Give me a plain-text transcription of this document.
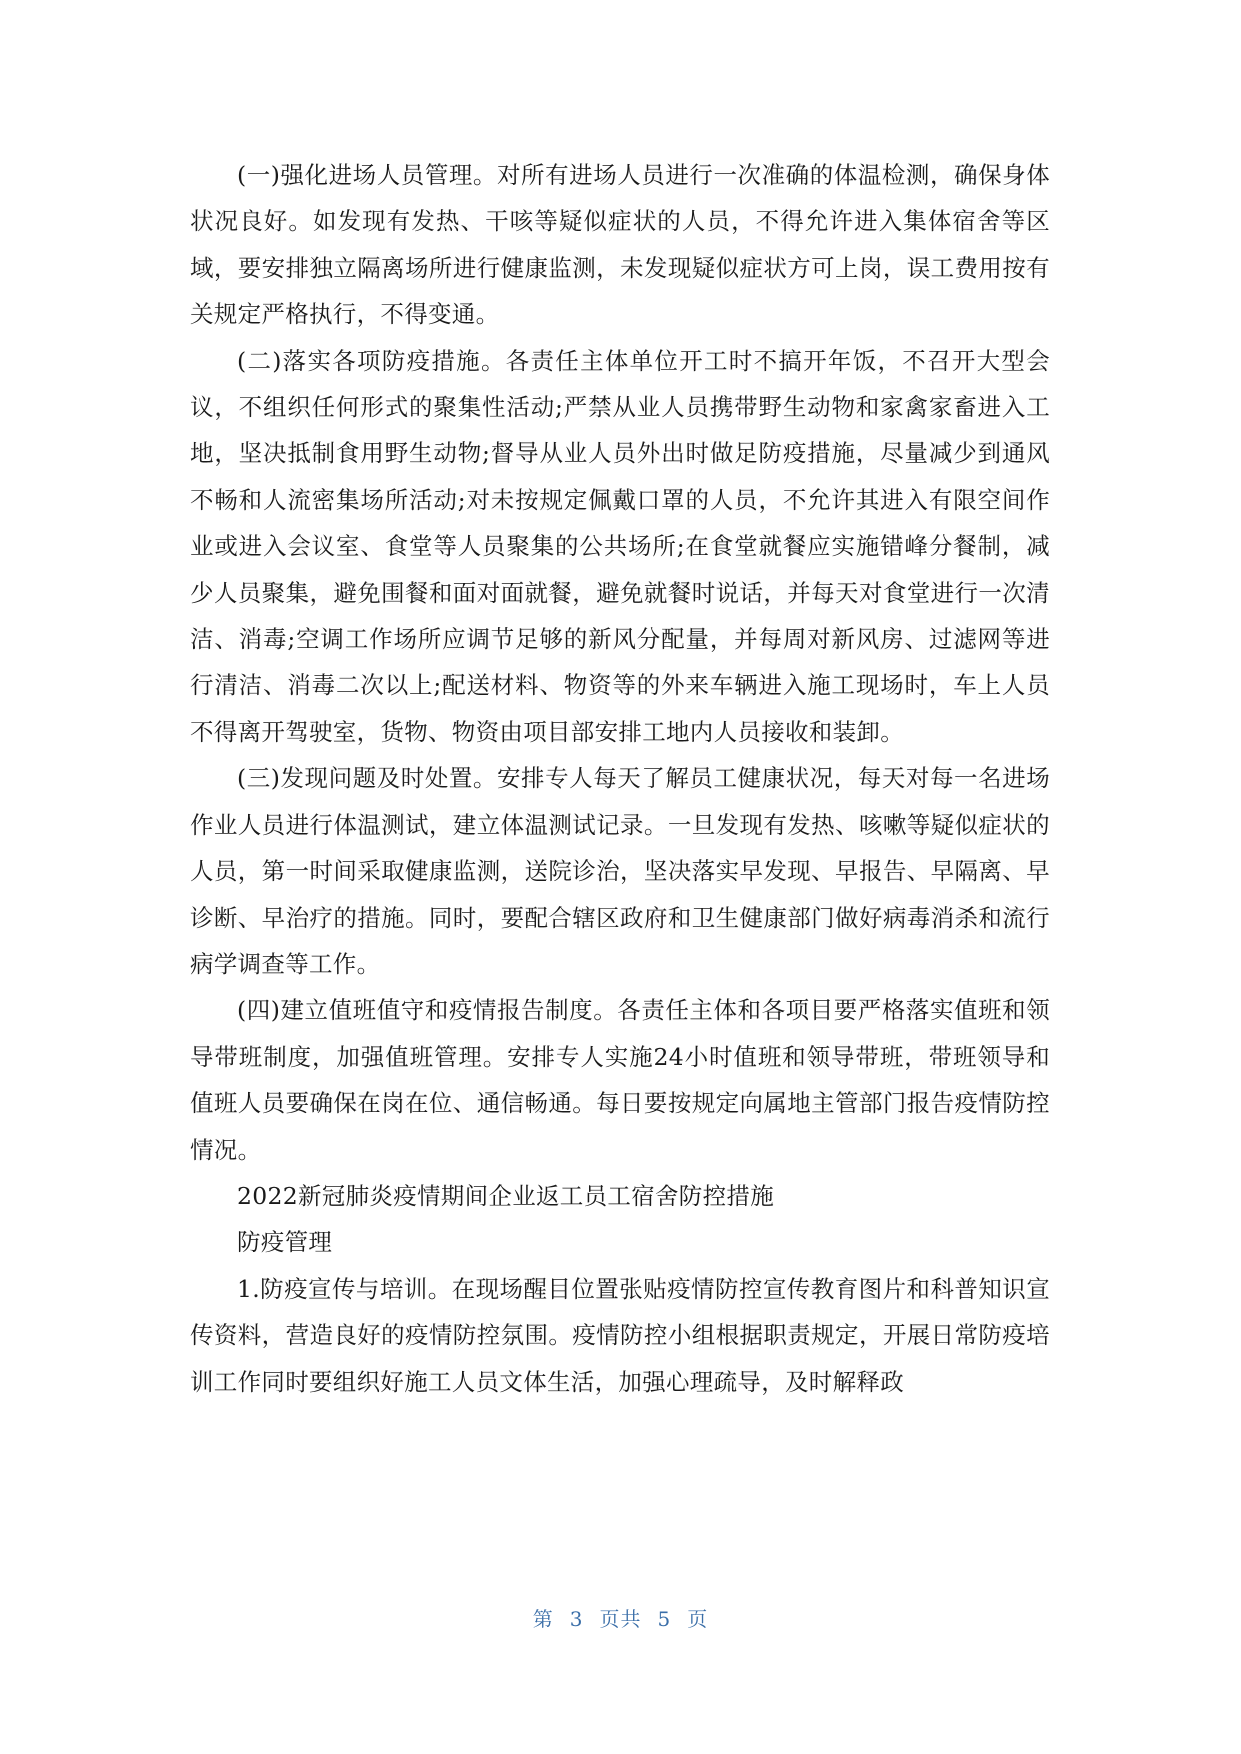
(一)强化进场人员管理。对所有进场人员进行一次准确的体温检测，确保身体状况良好。如发现有发热、干咳等疑似症状的人员，不得允许进入集体宿舍等区域，要安排独立隔离场所进行健康监测，未发现疑似症状方可上岗，误工费用按有关规定严格执行，不得变通。

(二)落实各项防疫措施。各责任主体单位开工时不搞开年饭，不召开大型会议，不组织任何形式的聚集性活动;严禁从业人员携带野生动物和家禽家畜进入工地，坚决抵制食用野生动物;督导从业人员外出时做足防疫措施，尽量减少到通风不畅和人流密集场所活动;对未按规定佩戴口罩的人员，不允许其进入有限空间作业或进入会议室、食堂等人员聚集的公共场所;在食堂就餐应实施错峰分餐制，减少人员聚集，避免围餐和面对面就餐，避免就餐时说话，并每天对食堂进行一次清洁、消毒;空调工作场所应调节足够的新风分配量，并每周对新风房、过滤网等进行清洁、消毒二次以上;配送材料、物资等的外来车辆进入施工现场时，车上人员不得离开驾驶室，货物、物资由项目部安排工地内人员接收和装卸。

(三)发现问题及时处置。安排专人每天了解员工健康状况，每天对每一名进场作业人员进行体温测试，建立体温测试记录。一旦发现有发热、咳嗽等疑似症状的人员，第一时间采取健康监测，送院诊治，坚决落实早发现、早报告、早隔离、早诊断、早治疗的措施。同时，要配合辖区政府和卫生健康部门做好病毒消杀和流行病学调查等工作。

(四)建立值班值守和疫情报告制度。各责任主体和各项目要严格落实值班和领导带班制度，加强值班管理。安排专人实施24小时值班和领导带班，带班领导和值班人员要确保在岗在位、通信畅通。每日要按规定向属地主管部门报告疫情防控情况。

2022新冠肺炎疫情期间企业返工员工宿舍防控措施

防疫管理

1.防疫宣传与培训。在现场醒目位置张贴疫情防控宣传教育图片和科普知识宣传资料，营造良好的疫情防控氛围。疫情防控小组根据职责规定，开展日常防疫培训工作同时要组织好施工人员文体生活，加强心理疏导，及时解释政

第 3 页共 5 页
